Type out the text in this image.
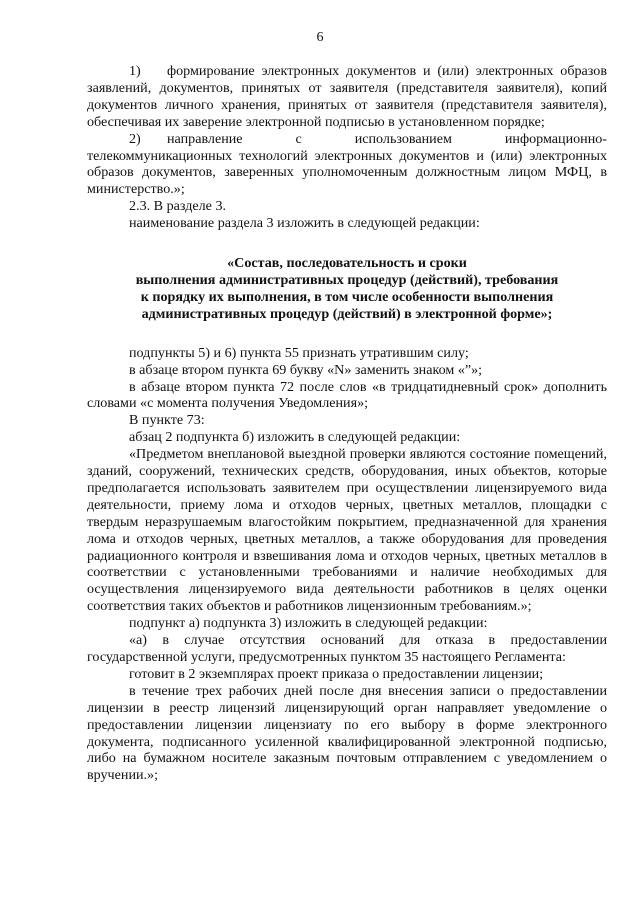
6

1) формирование электронных документов и (или) электронных образов заявлений, документов, принятых от заявителя (представителя заявителя), копий документов личного хранения, принятых от заявителя (представителя заявителя), обеспечивая их заверение электронной подписью в установленном порядке;

2) направление с использованием информационно-

телекоммуникационных технологий электронных документов и (или) электронных образов документов, заверенных уполномоченным должностным лицом МФЦ, в министерство.»;

2.3. В разделе 3.

наименование раздела 3 изложить в следующей редакции:

«Состав, последовательность и сроки
выполнения административных процедур (действий), требования
к порядку их выполнения, в том числе особенности выполнения
административных процедур (действий) в электронной форме»;

подпункты 5) и 6) пункта 55 признать утратившим силу;

в абзаце втором пункта 69 букву «N» заменить знаком «”»;

в абзаце втором пункта 72 после слов «в тридцатидневный срок» дополнить словами «с момента получения Уведомления»;

В пункте 73:

абзац 2 подпункта б) изложить в следующей редакции:

«Предметом внеплановой выездной проверки являются состояние помещений, зданий, сооружений, технических средств, оборудования, иных объектов, которые предполагается использовать заявителем при осуществлении лицензируемого вида деятельности, приему лома и отходов черных, цветных металлов, площадки с твердым неразрушаемым влагостойким покрытием, предназначенной для хранения лома и отходов черных, цветных металлов, а также оборудования для проведения радиационного контроля и взвешивания лома и отходов черных, цветных металлов в соответствии с установленными требованиями и наличие необходимых для осуществления лицензируемого вида деятельности работников в целях оценки соответствия таких объектов и работников лицензионным требованиям.»;

подпункт а) подпункта 3) изложить в следующей редакции:

«а) в случае отсутствия оснований для отказа в предоставлении государственной услуги, предусмотренных пунктом 35 настоящего Регламента:

готовит в 2 экземплярах проект приказа о предоставлении лицензии;

в течение трех рабочих дней после дня внесения записи о предоставлении лицензии в реестр лицензий лицензирующий орган направляет уведомление о предоставлении лицензии лицензиату по его выбору в форме электронного документа, подписанного усиленной квалифицированной электронной подписью, либо на бумажном носителе заказным почтовым отправлением с уведомлением о вручении.»;
